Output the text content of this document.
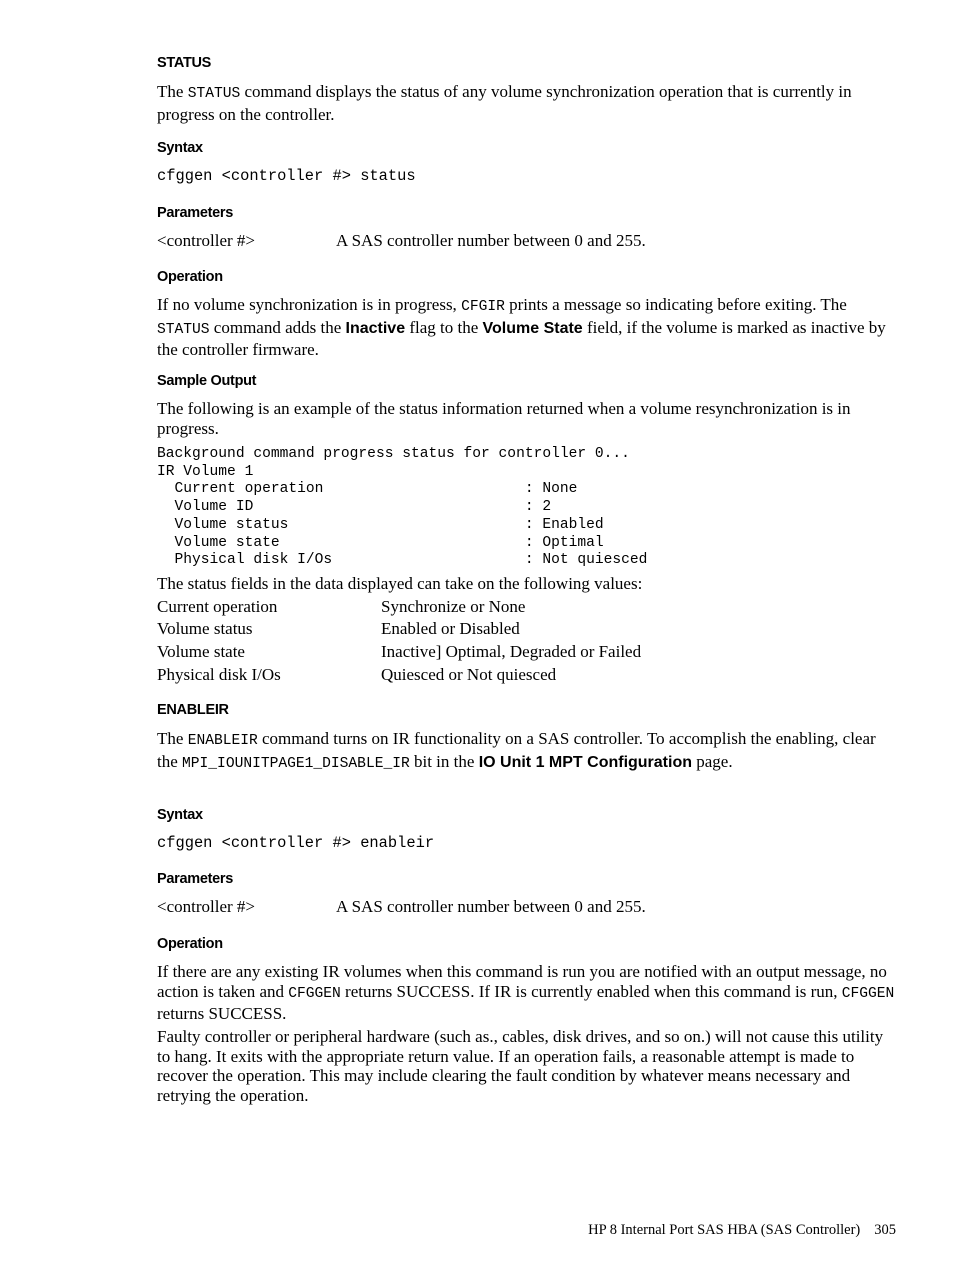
STATUS
The STATUS command displays the status of any volume synchronization operation that is currently in progress on the controller.
Syntax
cfggen <controller #> status
Parameters
<controller #>	A SAS controller number between 0 and 255.
Operation
If no volume synchronization is in progress, CFGIR prints a message so indicating before exiting. The STATUS command adds the Inactive flag to the Volume State field, if the volume is marked as inactive by the controller firmware.
Sample Output
The following is an example of the status information returned when a volume resynchronization is in progress.
Background command progress status for controller 0...
IR Volume 1
Current operation                       : None
Volume ID                               : 2
Volume status                           : Enabled
Volume state                            : Optimal
Physical disk I/Os                      : Not quiesced
The status fields in the data displayed can take on the following values:
Current operation	Synchronize or None
Volume status	Enabled or Disabled
Volume state	Inactive] Optimal, Degraded or Failed
Physical disk I/Os	Quiesced or Not quiesced
ENABLEIR
The ENABLEIR command turns on IR functionality on a SAS controller. To accomplish the enabling, clear the MPI_IOUNITPAGE1_DISABLE_IR bit in the IO Unit 1 MPT Configuration page.
Syntax
cfggen <controller #> enableir
Parameters
<controller #>	A SAS controller number between 0 and 255.
Operation
If there are any existing IR volumes when this command is run you are notified with an output message, no action is taken and CFGGEN returns SUCCESS. If IR is currently enabled when this command is run, CFGGEN returns SUCCESS.
Faulty controller or peripheral hardware (such as., cables, disk drives, and so on.) will not cause this utility to hang. It exits with the appropriate return value. If an operation fails, a reasonable attempt is made to recover the operation. This may include clearing the fault condition by whatever means necessary and retrying the operation.
HP 8 Internal Port SAS HBA (SAS Controller) 305
